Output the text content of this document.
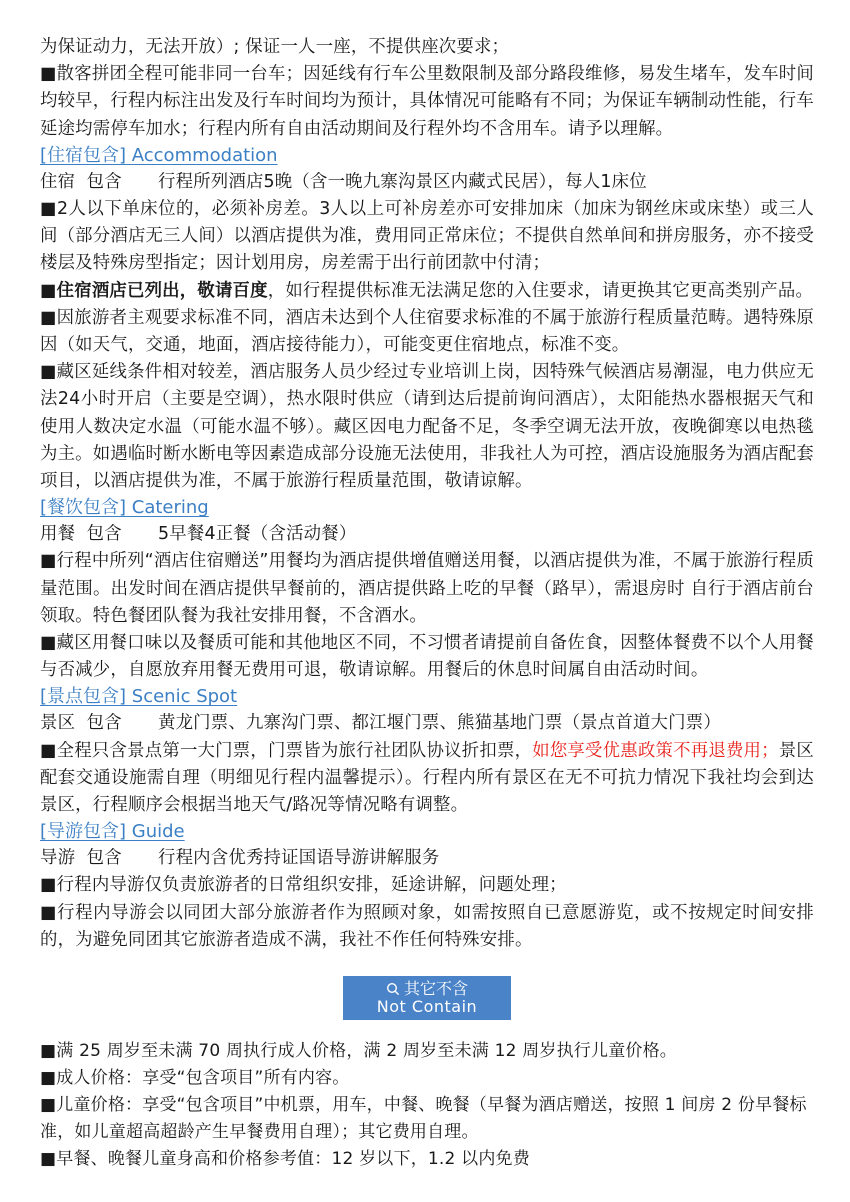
为保证动力，无法开放）; 保证一人一座，不提供座次要求；

■散客拼团全程可能非同一台车；因延线有行车公里数限制及部分路段维修，易发生堵车，发车时间均较早，行程内标注出发及行车时间均为预计，具体情况可能略有不同；为保证车辆制动性能，行车延途均需停车加水；行程内所有自由活动期间及行程外均不含用车。请予以理解。

[住宿包含] Accommodation

住宿  包含	行程所列酒店5晚（含一晚九寨沟景区内藏式民居），每人1床位

■2人以下单床位的，必须补房差。3人以上可补房差亦可安排加床（加床为钢丝床或床垫）或三人间（部分酒店无三人间）以酒店提供为准，费用同正常床位；不提供自然单间和拼房服务，亦不接受楼层及特殊房型指定；因计划用房，房差需于出行前团款中付清；

■住宿酒店已列出，敬请百度，如行程提供标准无法满足您的入住要求，请更换其它更高类别产品。

■因旅游者主观要求标准不同，酒店未达到个人住宿要求标准的不属于旅游行程质量范畴。遇特殊原因（如天气，交通，地面，酒店接待能力），可能变更住宿地点，标准不变。

■藏区延线条件相对较差，酒店服务人员少经过专业培训上岗，因特殊气候酒店易潮湿，电力供应无法24小时开启（主要是空调），热水限时供应（请到达后提前询问酒店），太阳能热水器根据天气和使用人数决定水温（可能水温不够）。藏区因电力配备不足，冬季空调无法开放，夜晚御寒以电热毯为主。如遇临时断水断电等因素造成部分设施无法使用，非我社人为可控，酒店设施服务为酒店配套项目，以酒店提供为准，不属于旅游行程质量范围，敬请谅解。

[餐饮包含] Catering

用餐  包含	5早餐4正餐（含活动餐）

■行程中所列“酒店住宿赠送”用餐均为酒店提供增值赠送用餐，以酒店提供为准，不属于旅游行程质量范围。出发时间在酒店提供早餐前的，酒店提供路上吃的早餐（路早），需退房时 自行于酒店前台领取。特色餐团队餐为我社安排用餐，不含酒水。

■藏区用餐口味以及餐质可能和其他地区不同，不习惯者请提前自备佐食，因整体餐费不以个人用餐与否减少，自愿放弃用餐无费用可退，敬请谅解。用餐后的休息时间属自由活动时间。

[景点包含] Scenic Spot

景区  包含	黄龙门票、九寨沟门票、都江堰门票、熊猫基地门票（景点首道大门票）

■全程只含景点第一大门票，门票皆为旅行社团队协议折扣票，如您享受优惠政策不再退费用；景区配套交通设施需自理（明细见行程内温馨提示）。行程内所有景区在无不可抗力情况下我社均会到达景区，行程顺序会根据当地天气/路况等情况略有调整。

[导游包含] Guide

导游  包含	行程内含优秀持证国语导游讲解服务

■行程内导游仅负责旅游者的日常组织安排，延途讲解，问题处理；

■行程内导游会以同团大部分旅游者作为照顾对象，如需按照自已意愿游览，或不按规定时间安排的，为避免同团其它旅游者造成不满，我社不作任何特殊安排。

其它不含
Not Contain

■满 25 周岁至未满 70 周执行成人价格，满 2 周岁至未满 12 周岁执行儿童价格。

■成人价格：享受“包含项目”所有内容。

■儿童价格：享受“包含项目”中机票，用车，中餐、晚餐（早餐为酒店赠送，按照 1 间房 2 份早餐标准，如儿童超高超龄产生早餐费用自理）；其它费用自理。

■早餐、晚餐儿童身高和价格参考值：12 岁以下，1.2 以内免费
